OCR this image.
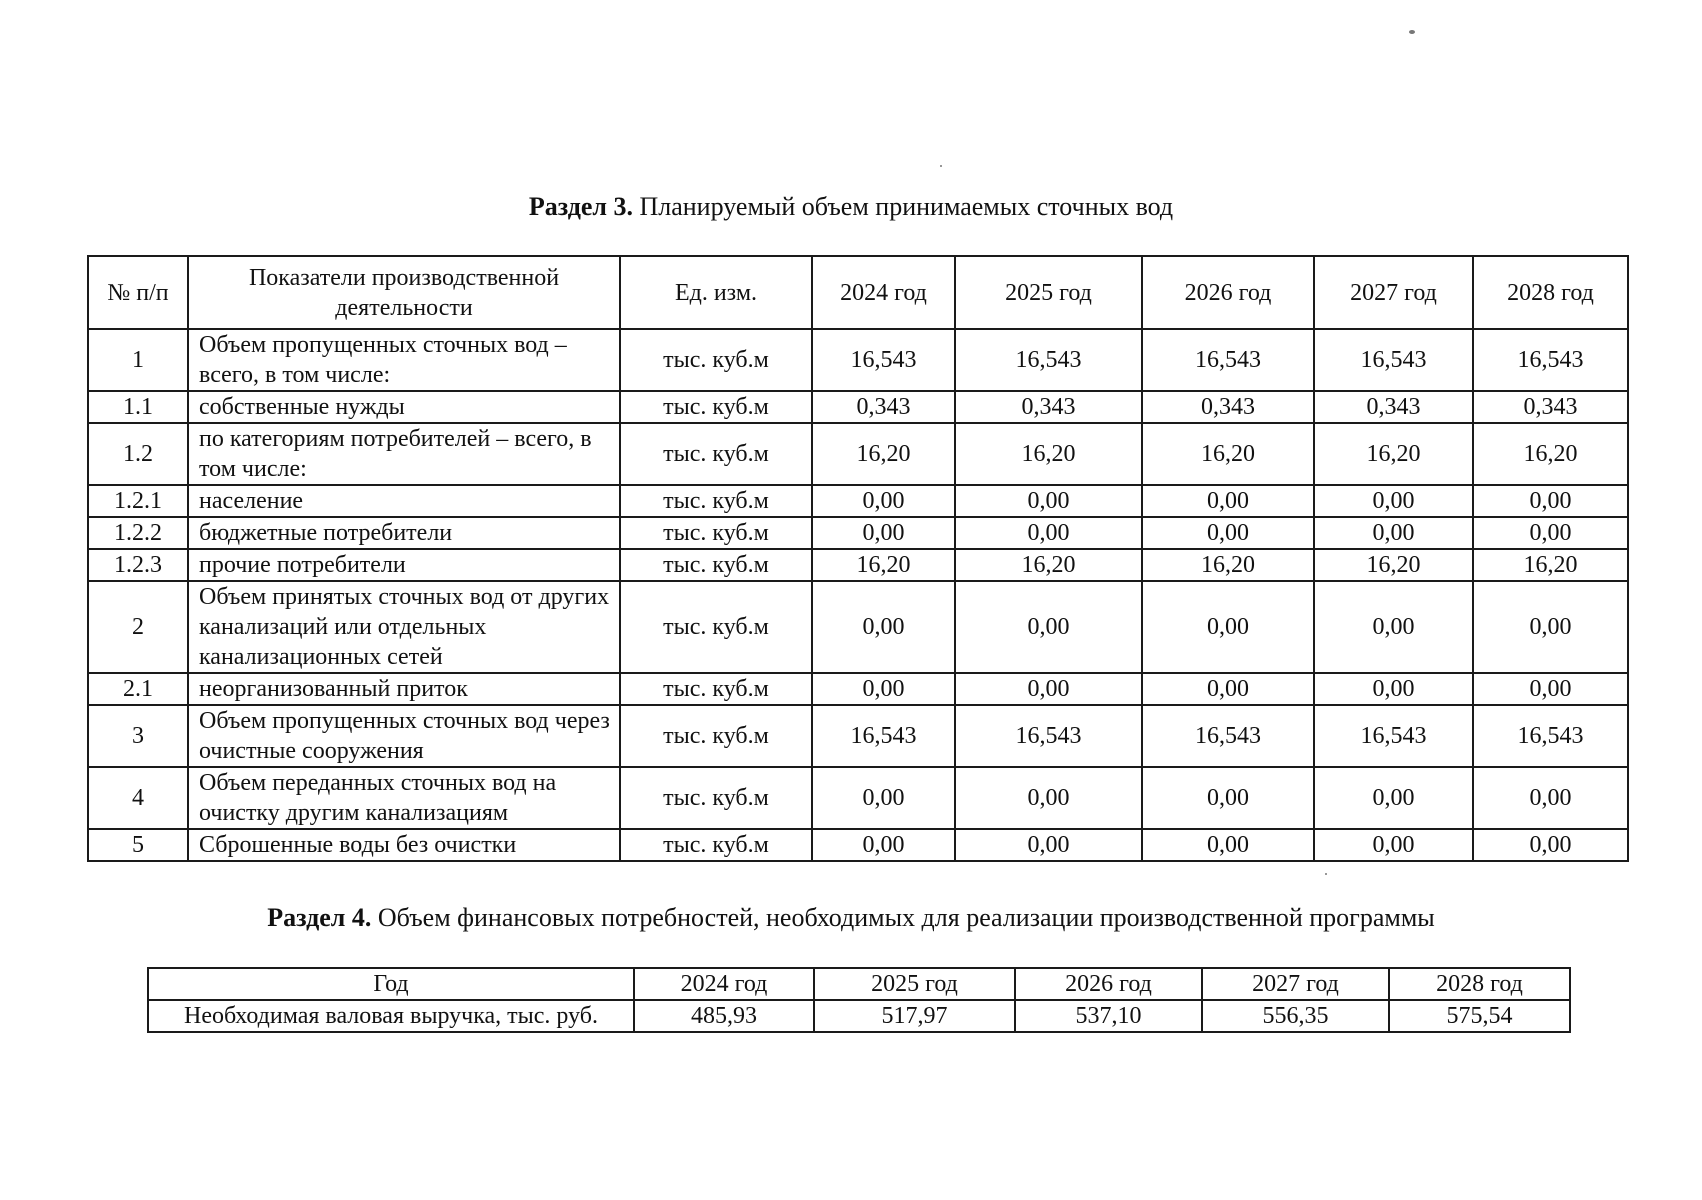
Раздел 3. Планируемый объем принимаемых сточных вод
№ п/п	Показатели производственной деятельности	Ед. изм.	2024 год	2025 год	2026 год	2027 год	2028 год
1	Объем пропущенных сточных вод – всего, в том числе:	тыс. куб.м	16,543	16,543	16,543	16,543	16,543
1.1	собственные нужды	тыс. куб.м	0,343	0,343	0,343	0,343	0,343
1.2	по категориям потребителей – всего, в том числе:	тыс. куб.м	16,20	16,20	16,20	16,20	16,20
1.2.1	население	тыс. куб.м	0,00	0,00	0,00	0,00	0,00
1.2.2	бюджетные потребители	тыс. куб.м	0,00	0,00	0,00	0,00	0,00
1.2.3	прочие потребители	тыс. куб.м	16,20	16,20	16,20	16,20	16,20
2	Объем принятых сточных вод от других канализаций или отдельных канализационных сетей	тыс. куб.м	0,00	0,00	0,00	0,00	0,00
2.1	неорганизованный приток	тыс. куб.м	0,00	0,00	0,00	0,00	0,00
3	Объем пропущенных сточных вод через очистные сооружения	тыс. куб.м	16,543	16,543	16,543	16,543	16,543
4	Объем переданных сточных вод на очистку другим канализациям	тыс. куб.м	0,00	0,00	0,00	0,00	0,00
5	Сброшенные воды без очистки	тыс. куб.м	0,00	0,00	0,00	0,00	0,00
Раздел 4. Объем финансовых потребностей, необходимых для реализации производственной программы
Год	2024 год	2025 год	2026 год	2027 год	2028 год
Необходимая валовая выручка, тыс. руб.	485,93	517,97	537,10	556,35	575,54
